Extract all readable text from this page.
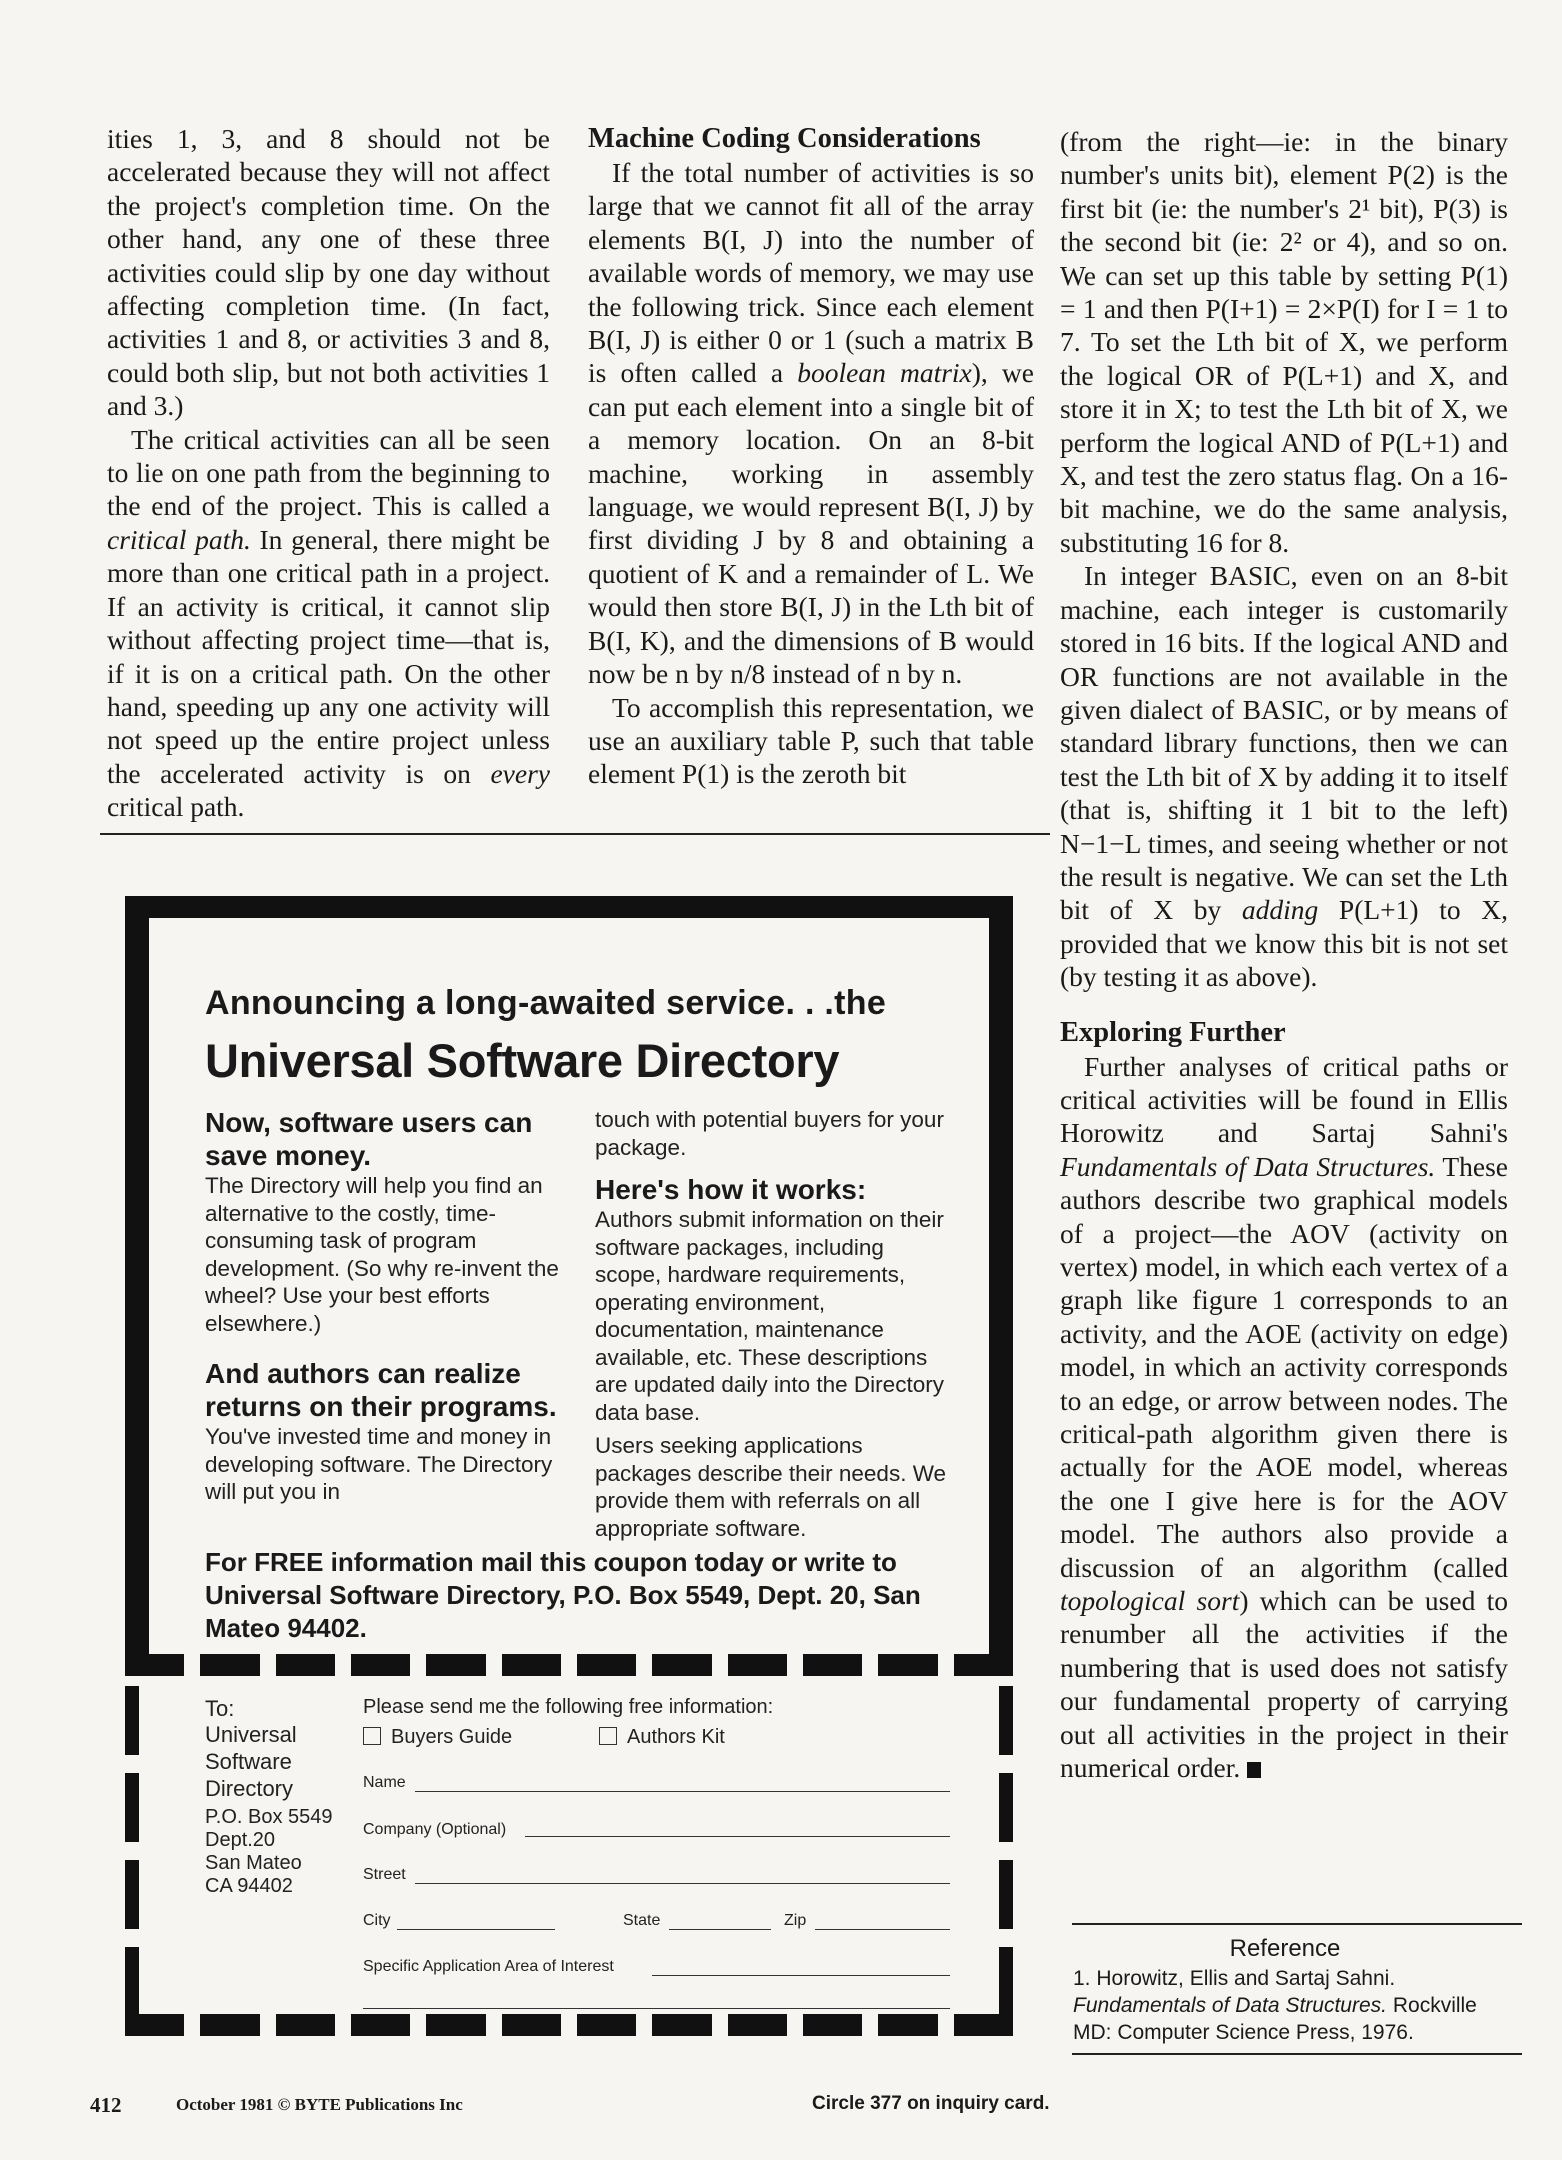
ities 1, 3, and 8 should not be accelerated because they will not affect the project's completion time. On the other hand, any one of these three activities could slip by one day without affecting completion time. (In fact, activities 1 and 8, or activities 3 and 8, could both slip, but not both activities 1 and 3.)

The critical activities can all be seen to lie on one path from the beginning to the end of the project. This is called a critical path. In general, there might be more than one critical path in a project. If an activity is critical, it cannot slip without affecting project time—that is, if it is on a critical path. On the other hand, speeding up any one activity will not speed up the entire project unless the accelerated activity is on every critical path.

Machine Coding Considerations

If the total number of activities is so large that we cannot fit all of the array elements B(I, J) into the number of available words of memory, we may use the following trick. Since each element B(I, J) is either 0 or 1 (such a matrix B is often called a boolean matrix), we can put each element into a single bit of a memory location. On an 8-bit machine, working in assembly language, we would represent B(I, J) by first dividing J by 8 and obtaining a quotient of K and a remainder of L. We would then store B(I, J) in the Lth bit of B(I, K), and the dimensions of B would now be n by n/8 instead of n by n.

To accomplish this representation, we use an auxiliary table P, such that table element P(1) is the zeroth bit

(from the right—ie: in the binary number's units bit), element P(2) is the first bit (ie: the number's 2¹ bit), P(3) is the second bit (ie: 2² or 4), and so on. We can set up this table by setting P(1) = 1 and then P(I+1) = 2×P(I) for I = 1 to 7. To set the Lth bit of X, we perform the logical OR of P(L+1) and X, and store it in X; to test the Lth bit of X, we perform the logical AND of P(L+1) and X, and test the zero status flag. On a 16-bit machine, we do the same analysis, substituting 16 for 8.

In integer BASIC, even on an 8-bit machine, each integer is customarily stored in 16 bits. If the logical AND and OR functions are not available in the given dialect of BASIC, or by means of standard library functions, then we can test the Lth bit of X by adding it to itself (that is, shifting it 1 bit to the left) N−1−L times, and seeing whether or not the result is negative. We can set the Lth bit of X by adding P(L+1) to X, provided that we know this bit is not set (by testing it as above).

Exploring Further

Further analyses of critical paths or critical activities will be found in Ellis Horowitz and Sartaj Sahni's Fundamentals of Data Structures. These authors describe two graphical models of a project—the AOV (activity on vertex) model, in which each vertex of a graph like figure 1 corresponds to an activity, and the AOE (activity on edge) model, in which an activity corresponds to an edge, or arrow between nodes. The critical-path algorithm given there is actually for the AOE model, whereas the one I give here is for the AOV model. The authors also provide a discussion of an algorithm (called topological sort) which can be used to renumber all the activities if the numbering that is used does not satisfy our fundamental property of carrying out all activities in the project in their numerical order.

Reference
1. Horowitz, Ellis and Sartaj Sahni. Fundamentals of Data Structures. Rockville MD: Computer Science Press, 1976.
Announcing a long-awaited service. . .the
Universal Software Directory

Now, software users can save money.

The Directory will help you find an alternative to the costly, time-consuming task of program development. (So why re-invent the wheel? Use your best efforts elsewhere.)

And authors can realize returns on their programs.

You've invested time and money in developing software. The Directory will put you in

touch with potential buyers for your package.

Here's how it works:

Authors submit information on their software packages, including scope, hardware requirements, operating environment, documentation, maintenance available, etc. These descriptions are updated daily into the Directory data base.

Users seeking applications packages describe their needs. We provide them with referrals on all appropriate software.

For FREE information mail this coupon today or write to Universal Software Directory, P.O. Box 5549, Dept. 20, San Mateo 94402.
To:
Universal
Software
Directory
P.O. Box 5549
Dept.20
San Mateo
CA 94402
Please send me the following free information:
Buyers Guide	Authors Kit
Name
Company (Optional)
Street
City	State	Zip
Specific Application Area of Interest
412	October 1981 © BYTE Publications Inc	Circle 377 on inquiry card.
